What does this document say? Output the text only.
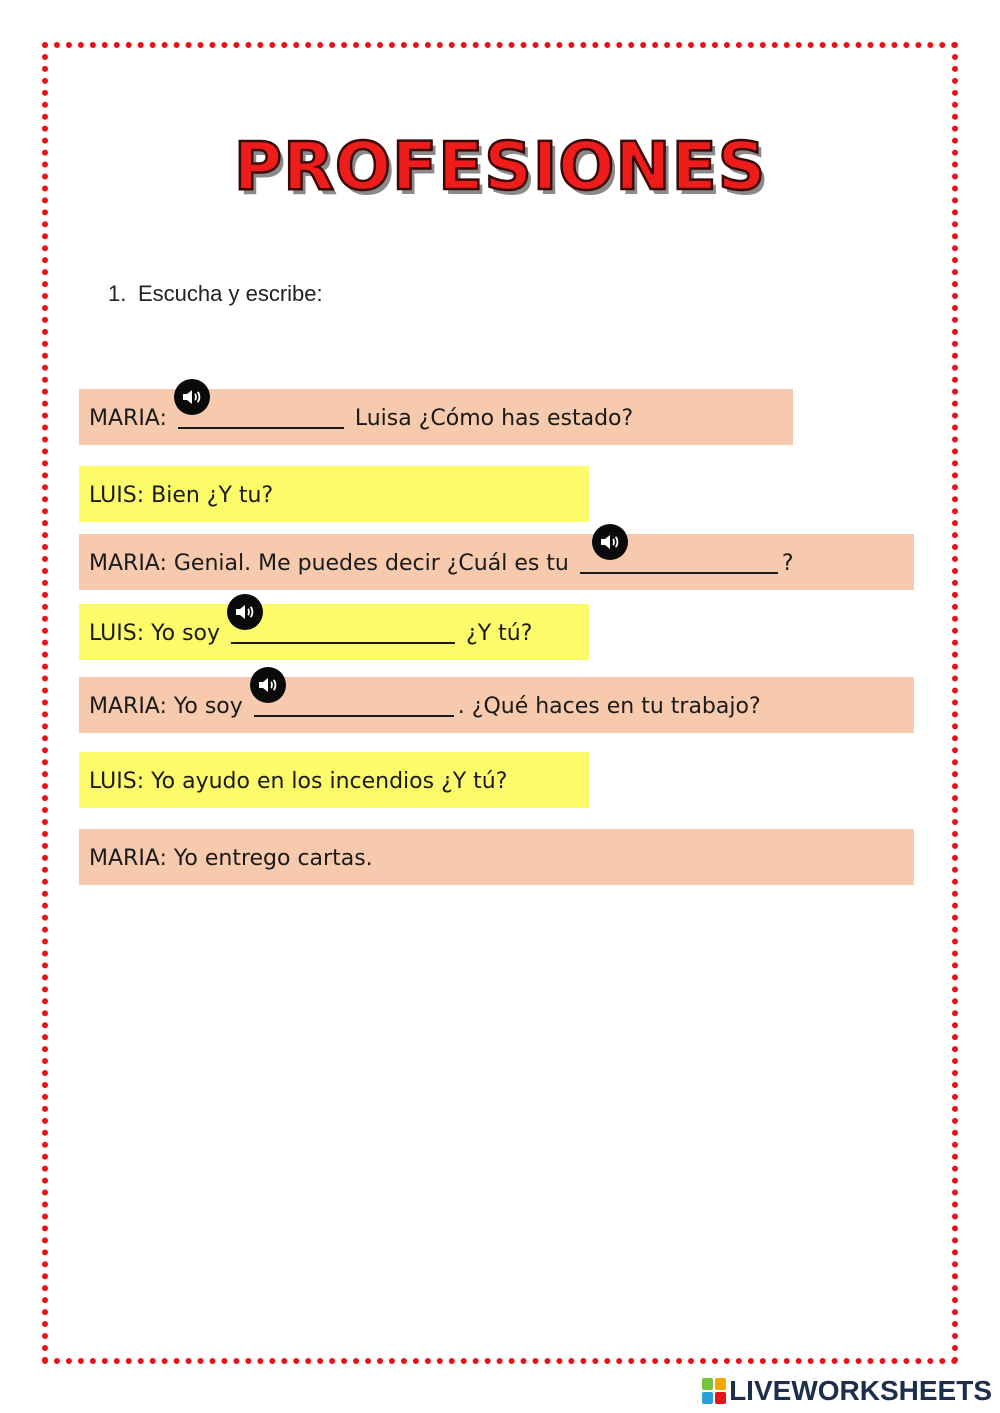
PROFESIONES
1. Escucha y escribe:
MARIA:	Luisa ¿Cómo has estado?
LUIS: Bien ¿Y tu?
MARIA: Genial. Me puedes decir ¿Cuál es tu	?
LUIS: Yo soy	¿Y tú?
MARIA: Yo soy	. ¿Qué haces en tu trabajo?
LUIS: Yo ayudo en los incendios ¿Y tú?
MARIA: Yo entrego cartas.
LIVEWORKSHEETS
